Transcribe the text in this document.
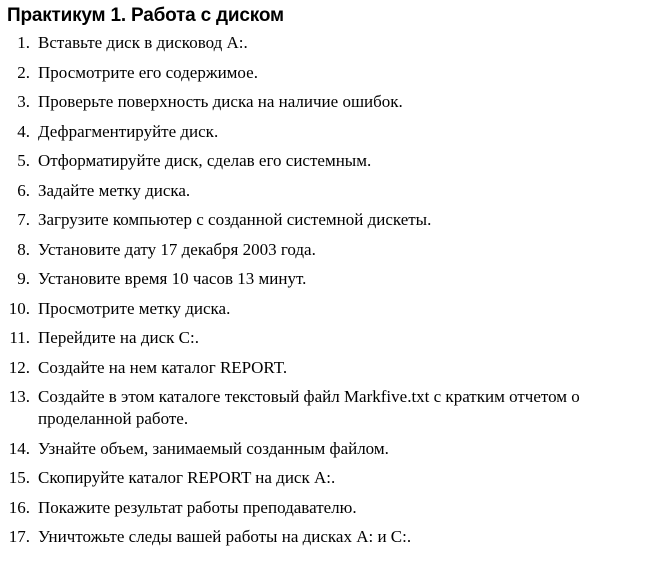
Практикум 1. Работа с диском
1. Вставьте диск в дисковод А:.
2. Просмотрите его содержимое.
3. Проверьте поверхность диска на наличие ошибок.
4. Дефрагментируйте диск.
5. Отформатируйте диск, сделав его системным.
6. Задайте метку диска.
7. Загрузите компьютер с созданной системной дискеты.
8. Установите дату 17 декабря 2003 года.
9. Установите время 10 часов 13 минут.
10. Просмотрите метку диска.
11. Перейдите на диск С:.
12. Создайте на нем каталог REPORT.
13. Создайте в этом каталоге текстовый файл Markfive.txt с кратким отчетом о проделанной работе.
14. Узнайте объем, занимаемый созданным файлом.
15. Скопируйте каталог REPORT на диск А:.
16. Покажите результат работы преподавателю.
17. Уничтожьте следы вашей работы на дисках А: и С:.
